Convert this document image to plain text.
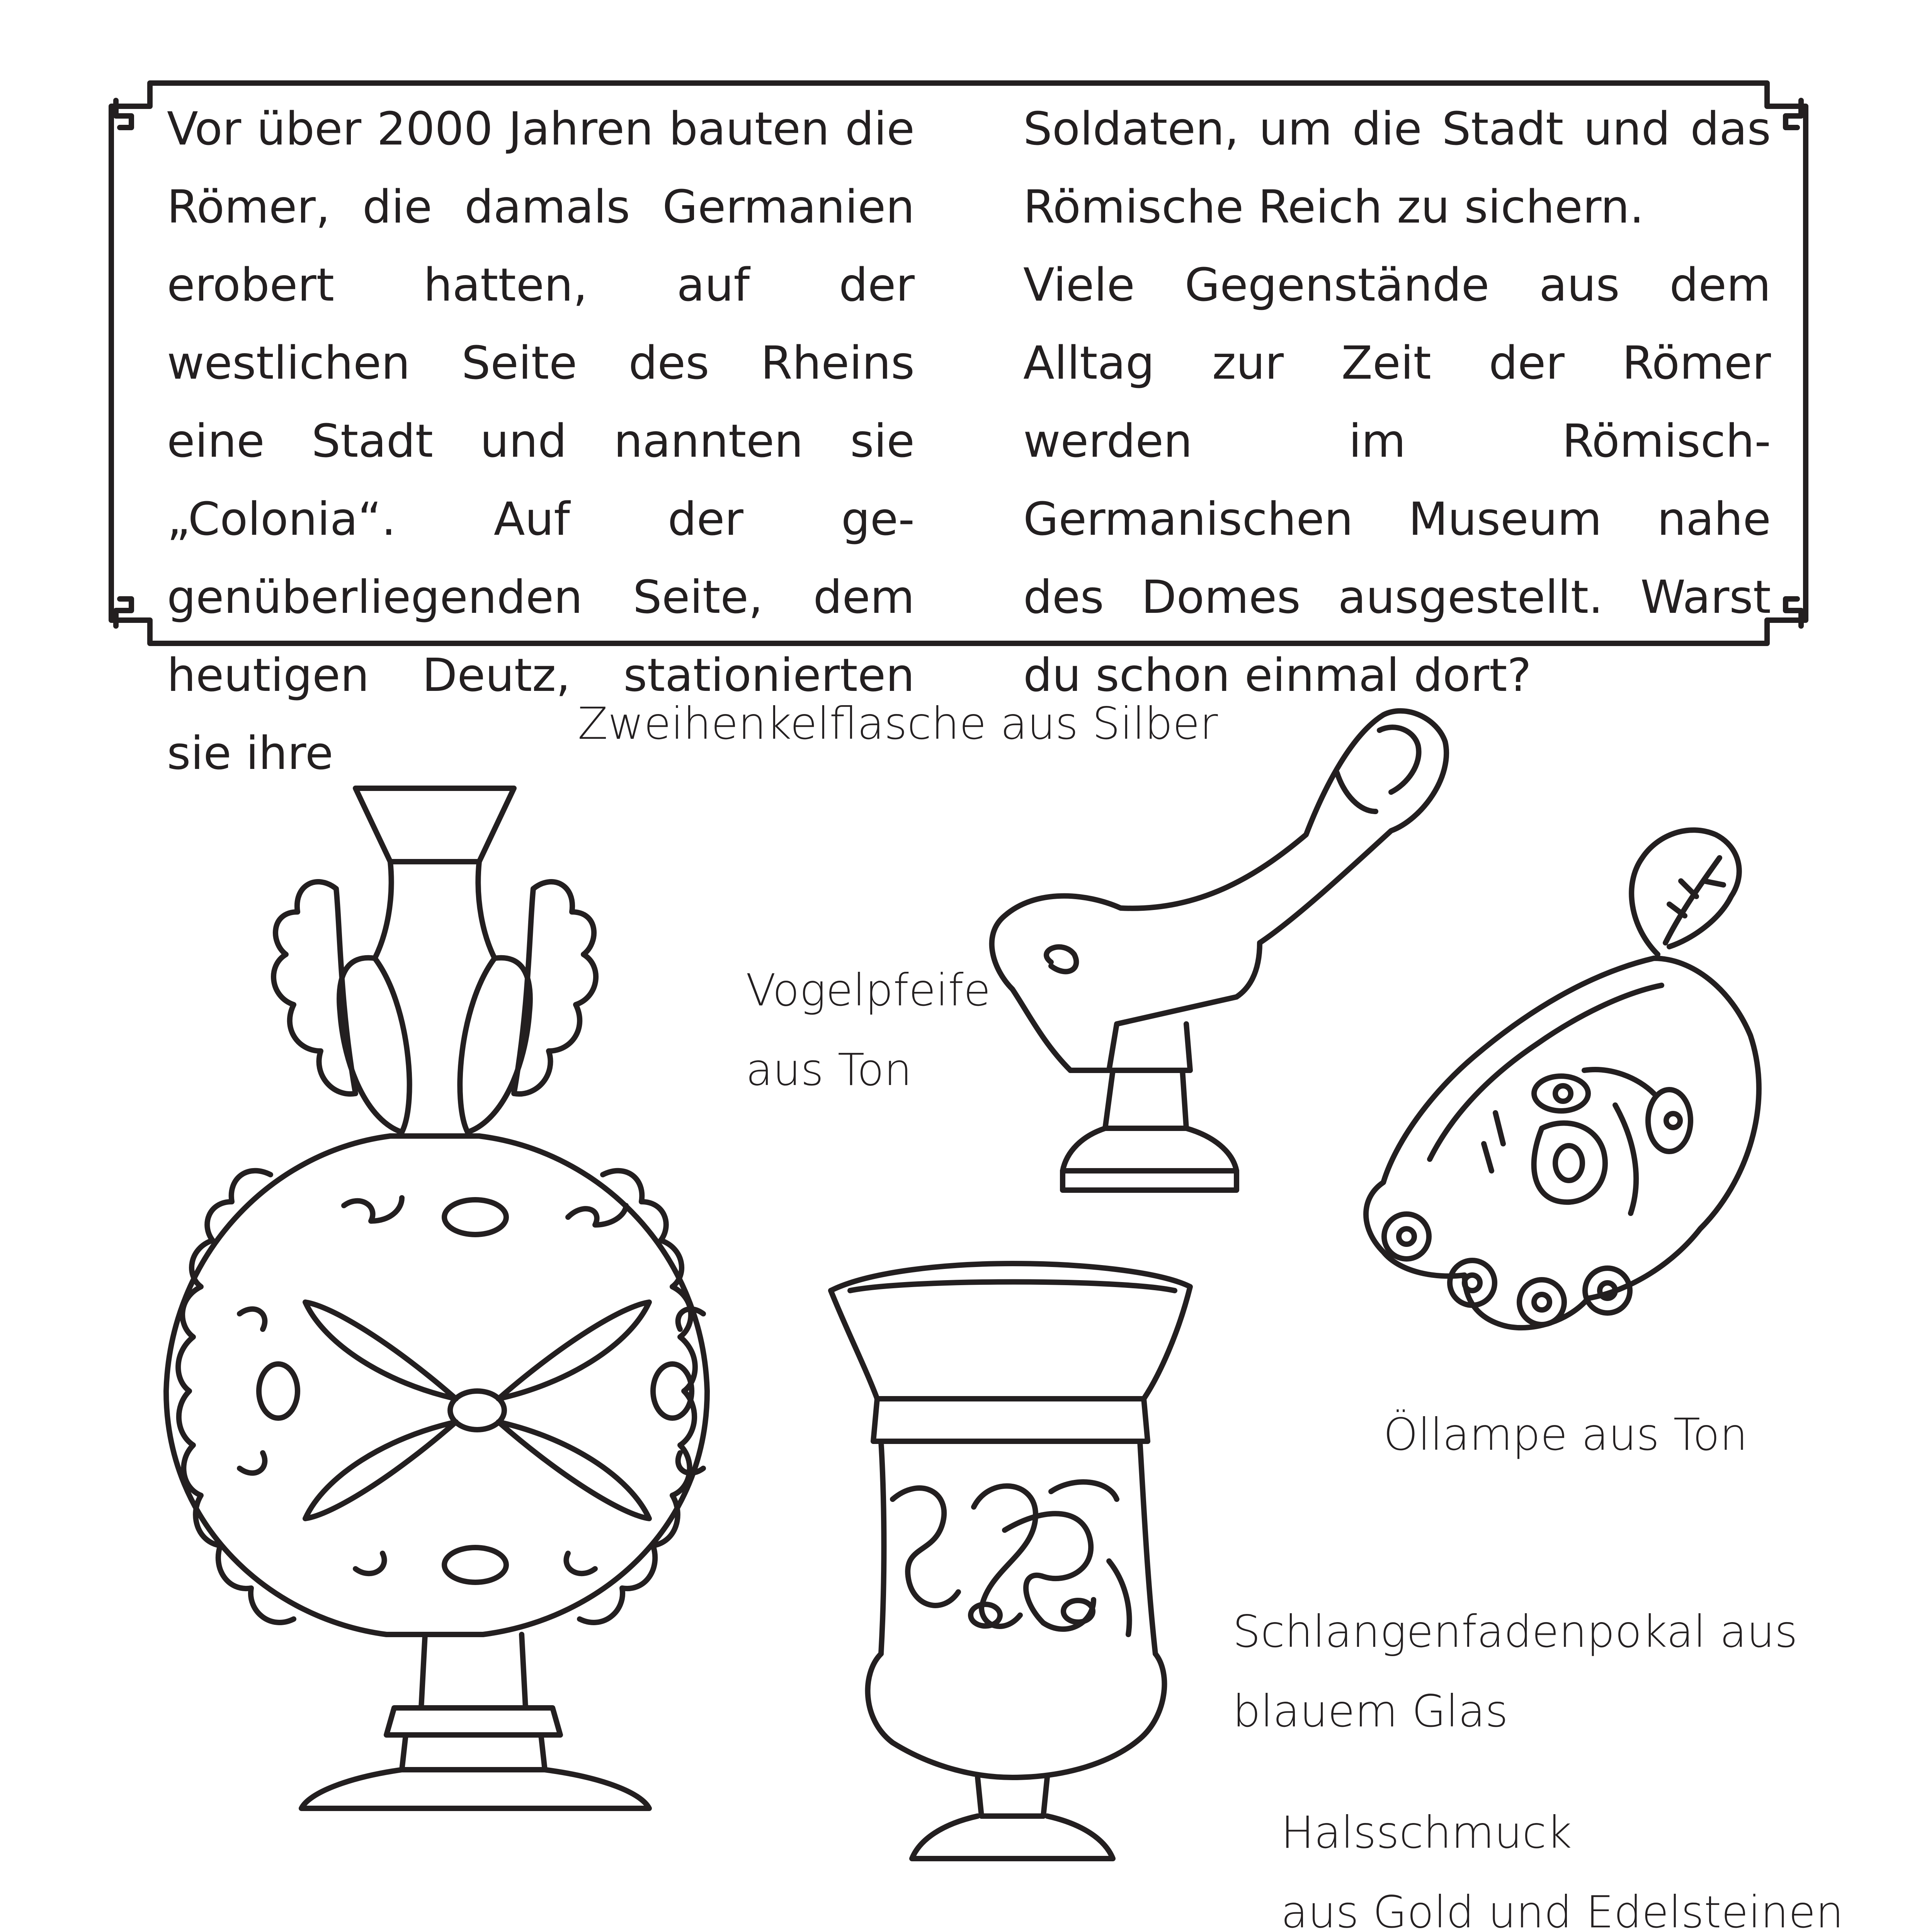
Vor über 2000 Jahren bauten die Römer, die damals Germanien erobert hatten, auf der westlichen Seite des Rheins eine Stadt und nannten sie „Colonia“. Auf der gegenüberliegenden Seite, dem heutigen Deutz, stationierten sie ihre

Soldaten, um die Stadt und das Römische Reich zu sichern.
Viele Gegenstände aus dem Alltag zur Zeit der Römer werden im Römisch-Germanischen Museum nahe des Domes ausgestellt. Warst du schon einmal dort?
Zweihenkelflasche aus Silber
Vogelpfeife
aus Ton
Öllampe aus Ton
Schlangenfadenpokal aus
blauem Glas
Halsschmuck
aus Gold und Edelsteinen
